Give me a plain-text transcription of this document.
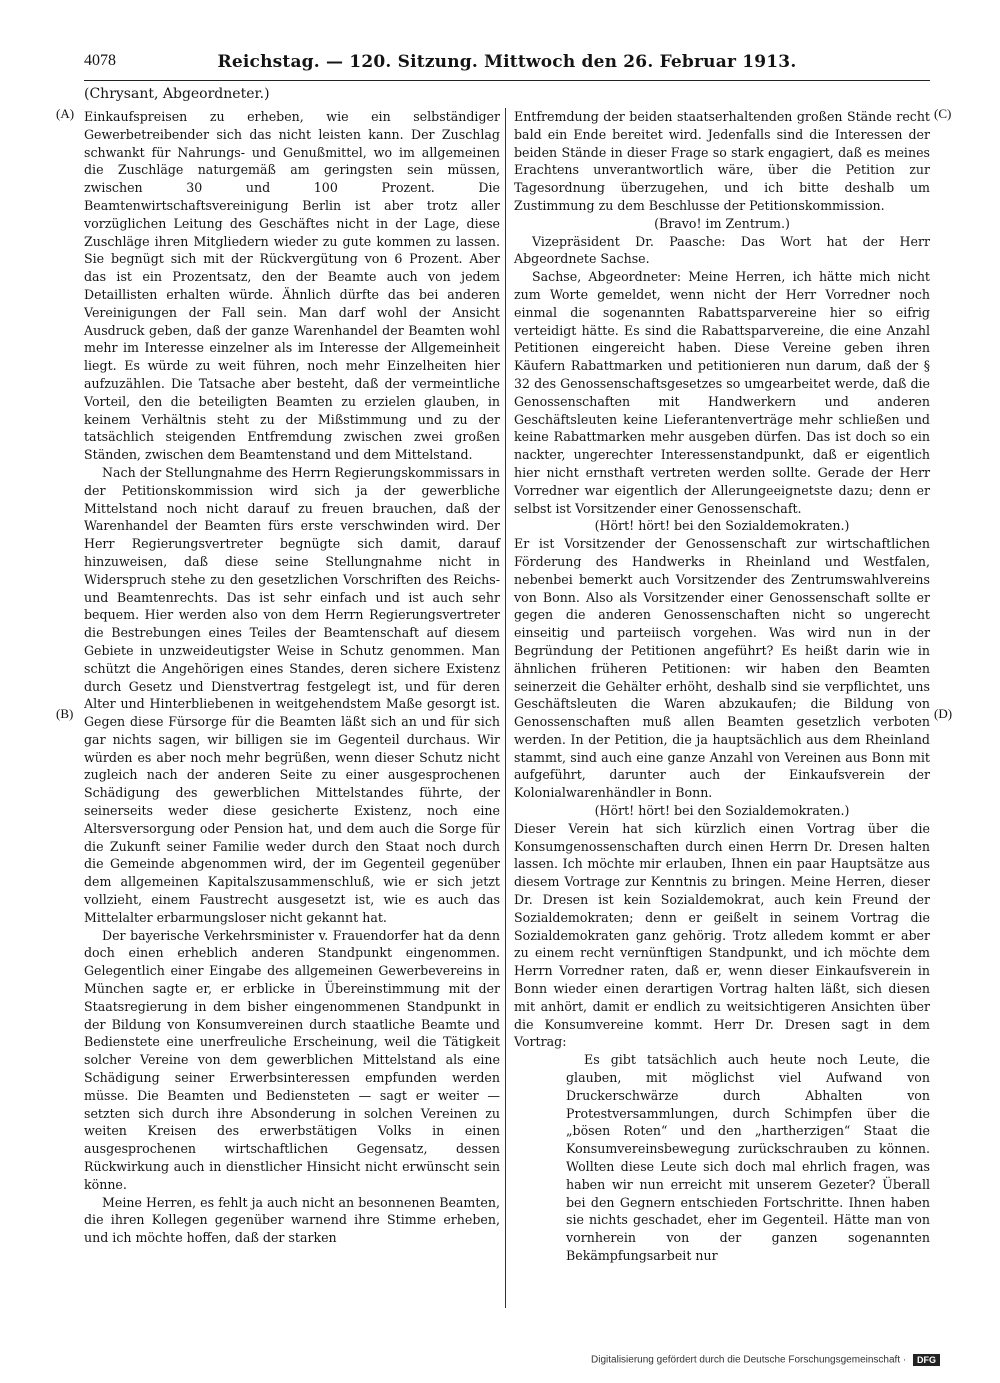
4078	Reichstag. — 120. Sitzung. Mittwoch den 26. Februar 1913.
(Chrysant, Abgeordneter.)
(A)
(B)
(C)
(D)

Einkaufspreisen zu erheben, wie ein selbständiger Gewerbetreibender sich das nicht leisten kann. Der Zuschlag schwankt für Nahrungs- und Genußmittel, wo im allgemeinen die Zuschläge naturgemäß am geringsten sein müssen, zwischen 30 und 100 Prozent. Die Beamtenwirtschaftsvereinigung Berlin ist aber trotz aller vorzüglichen Leitung des Geschäftes nicht in der Lage, diese Zuschläge ihren Mitgliedern wieder zu gute kommen zu lassen. Sie begnügt sich mit der Rückvergütung von 6 Prozent. Aber das ist ein Prozentsatz, den der Beamte auch von jedem Detaillisten erhalten würde. Ähnlich dürfte das bei anderen Vereinigungen der Fall sein. Man darf wohl der Ansicht Ausdruck geben, daß der ganze Warenhandel der Beamten wohl mehr im Interesse einzelner als im Interesse der Allgemeinheit liegt. Es würde zu weit führen, noch mehr Einzelheiten hier aufzuzählen. Die Tatsache aber besteht, daß der vermeintliche Vorteil, den die beteiligten Beamten zu erzielen glauben, in keinem Verhältnis steht zu der Mißstimmung und zu der tatsächlich steigenden Entfremdung zwischen zwei großen Ständen, zwischen dem Beamtenstand und dem Mittelstand.

Nach der Stellungnahme des Herrn Regierungskommissars in der Petitionskommission wird sich ja der gewerbliche Mittelstand noch nicht darauf zu freuen brauchen, daß der Warenhandel der Beamten fürs erste verschwinden wird. Der Herr Regierungsvertreter begnügte sich damit, darauf hinzuweisen, daß diese seine Stellungnahme nicht in Widerspruch stehe zu den gesetzlichen Vorschriften des Reichs- und Beamtenrechts. Das ist sehr einfach und ist auch sehr bequem. Hier werden also von dem Herrn Regierungsvertreter die Bestrebungen eines Teiles der Beamtenschaft auf diesem Gebiete in unzweideutigster Weise in Schutz genommen. Man schützt die Angehörigen eines Standes, deren sichere Existenz durch Gesetz und Dienstvertrag festgelegt ist, und für deren Alter und Hinterbliebenen in weitgehendstem Maße gesorgt ist. Gegen diese Fürsorge für die Beamten läßt sich an und für sich gar nichts sagen, wir billigen sie im Gegenteil durchaus. Wir würden es aber noch mehr begrüßen, wenn dieser Schutz nicht zugleich nach der anderen Seite zu einer ausgesprochenen Schädigung des gewerblichen Mittelstandes führte, der seinerseits weder diese gesicherte Existenz, noch eine Altersversorgung oder Pension hat, und dem auch die Sorge für die Zukunft seiner Familie weder durch den Staat noch durch die Gemeinde abgenommen wird, der im Gegenteil gegenüber dem allgemeinen Kapitalszusammenschluß, wie er sich jetzt vollzieht, einem Faustrecht ausgesetzt ist, wie es auch das Mittelalter erbarmungsloser nicht gekannt hat.

Der bayerische Verkehrsminister v. Frauendorfer hat da denn doch einen erheblich anderen Standpunkt eingenommen. Gelegentlich einer Eingabe des allgemeinen Gewerbevereins in München sagte er, er erblicke in Übereinstimmung mit der Staatsregierung in dem bisher eingenommenen Standpunkt in der Bildung von Konsumvereinen durch staatliche Beamte und Bedienstete eine unerfreuliche Erscheinung, weil die Tätigkeit solcher Vereine von dem gewerblichen Mittelstand als eine Schädigung seiner Erwerbsinteressen empfunden werden müsse. Die Beamten und Bediensteten — sagt er weiter — setzten sich durch ihre Absonderung in solchen Vereinen zu weiten Kreisen des erwerbstätigen Volks in einen ausgesprochenen wirtschaftlichen Gegensatz, dessen Rückwirkung auch in dienstlicher Hinsicht nicht erwünscht sein könne.

Meine Herren, es fehlt ja auch nicht an besonnenen Beamten, die ihren Kollegen gegenüber warnend ihre Stimme erheben, und ich möchte hoffen, daß der starken

Entfremdung der beiden staatserhaltenden großen Stände recht bald ein Ende bereitet wird. Jedenfalls sind die Interessen der beiden Stände in dieser Frage so stark engagiert, daß es meines Erachtens unverantwortlich wäre, über die Petition zur Tagesordnung überzugehen, und ich bitte deshalb um Zustimmung zu dem Beschlusse der Petitionskommission.

(Bravo! im Zentrum.)

Vizepräsident Dr. Paasche: Das Wort hat der Herr Abgeordnete Sachse.

Sachse, Abgeordneter: Meine Herren, ich hätte mich nicht zum Worte gemeldet, wenn nicht der Herr Vorredner noch einmal die sogenannten Rabattsparvereine hier so eifrig verteidigt hätte. Es sind die Rabattsparvereine, die eine Anzahl Petitionen eingereicht haben. Diese Vereine geben ihren Käufern Rabattmarken und petitionieren nun darum, daß der § 32 des Genossenschaftsgesetzes so umgearbeitet werde, daß die Genossenschaften mit Handwerkern und anderen Geschäftsleuten keine Lieferantenverträge mehr schließen und keine Rabattmarken mehr ausgeben dürfen. Das ist doch so ein nackter, ungerechter Interessenstandpunkt, daß er eigentlich hier nicht ernsthaft vertreten werden sollte. Gerade der Herr Vorredner war eigentlich der Allerungeeignetste dazu; denn er selbst ist Vorsitzender einer Genossenschaft.

(Hört! hört! bei den Sozialdemokraten.)

Er ist Vorsitzender der Genossenschaft zur wirtschaftlichen Förderung des Handwerks in Rheinland und Westfalen, nebenbei bemerkt auch Vorsitzender des Zentrumswahlvereins von Bonn. Also als Vorsitzender einer Genossenschaft sollte er gegen die anderen Genossenschaften nicht so ungerecht einseitig und parteiisch vorgehen. Was wird nun in der Begründung der Petitionen angeführt? Es heißt darin wie in ähnlichen früheren Petitionen: wir haben den Beamten seinerzeit die Gehälter erhöht, deshalb sind sie verpflichtet, uns Geschäftsleuten die Waren abzukaufen; die Bildung von Genossenschaften muß allen Beamten gesetzlich verboten werden. In der Petition, die ja hauptsächlich aus dem Rheinland stammt, sind auch eine ganze Anzahl von Vereinen aus Bonn mit aufgeführt, darunter auch der Einkaufsverein der Kolonialwarenhändler in Bonn.

(Hört! hört! bei den Sozialdemokraten.)

Dieser Verein hat sich kürzlich einen Vortrag über die Konsumgenossenschaften durch einen Herrn Dr. Dresen halten lassen. Ich möchte mir erlauben, Ihnen ein paar Hauptsätze aus diesem Vortrage zur Kenntnis zu bringen. Meine Herren, dieser Dr. Dresen ist kein Sozialdemokrat, auch kein Freund der Sozialdemokraten; denn er geißelt in seinem Vortrag die Sozialdemokraten ganz gehörig. Trotz alledem kommt er aber zu einem recht vernünftigen Standpunkt, und ich möchte dem Herrn Vorredner raten, daß er, wenn dieser Einkaufsverein in Bonn wieder einen derartigen Vortrag halten läßt, sich diesen mit anhört, damit er endlich zu weitsichtigeren Ansichten über die Konsumvereine kommt. Herr Dr. Dresen sagt in dem Vortrag:

Es gibt tatsächlich auch heute noch Leute, die glauben, mit möglichst viel Aufwand von Druckerschwärze durch Abhalten von Protestversammlungen, durch Schimpfen über die „bösen Roten“ und den „hartherzigen“ Staat die Konsumvereinsbewegung zurückschrauben zu können. Wollten diese Leute sich doch mal ehrlich fragen, was haben wir nun erreicht mit unserem Gezeter? Überall bei den Gegnern entschieden Fortschritte. Ihnen haben sie nichts geschadet, eher im Gegenteil. Hätte man von vornherein von der ganzen sogenannten Bekämpfungsarbeit nur

Digitalisierung gefördert durch die Deutsche Forschungsgemeinschaft · DFG
